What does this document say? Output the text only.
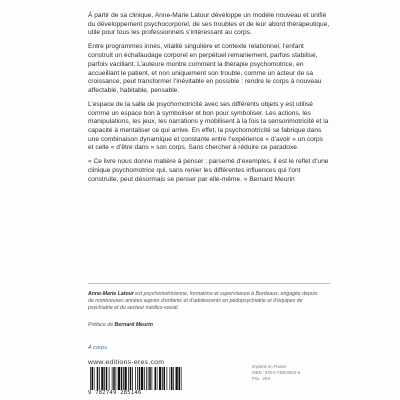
À partir de sa clinique, Anne-Marie Latour développe un modèle nouveau et unifié du développement psychocorporel, de ses troubles et de leur abord thérapeutique, utile pour tous les professionnels s’intéressant au corps.

Entre programmes innés, vitalité singulière et contexte relationnel, l’enfant construit un échafaudage corporel en perpétuel remaniement, parfois stabilisé, parfois vacillant. L’auteure montre comment la thérapie psychomotrice, en accueillant le patient, et non uniquement son trouble, comme un acteur de sa croissance, peut transformer l’inévitable en possible : rendre le corps à nouveau affectable, habitable, pensable.

L’espace de la salle de psychomotricité avec ses différents objets y est utilisé comme un espace bon à symboliser et bon pour symboliser. Les actions, les manipulations, les jeux, les narrations y mobilisent à la fois la sensorimotricité et la capacité à mentaliser ce qui arrive. En effet, la psychomotricité se fabrique dans une combinaison dynamique et constante entre l’expérience « d’avoir » un corps et celle « d’être dans » son corps. Sans chercher à réduire ce paradoxe.

« Ce livre nous donne matière à penser ; parsemé d’exemples, il est le reflet d’une clinique psychomotrice qui, sans renier les différentes influences qui l’ont construite, peut désormais se penser par elle-même. » Bernard Meurin

Anne-Marie Latour est psychomotricienne, formatrice et superviseure à Bordeaux, engagée depuis de nombreuses années auprès d’enfants et d’adolescents en pédopsychiatrie et d’équipes de psychiatrie et du secteur médico-social.

Préface de Bernard Meurin
À corps
www.editions-eres.com
9 782749 285146
Imprimé en France
ISBN : 978-2-7492-8514-6
Prix : 26 €
